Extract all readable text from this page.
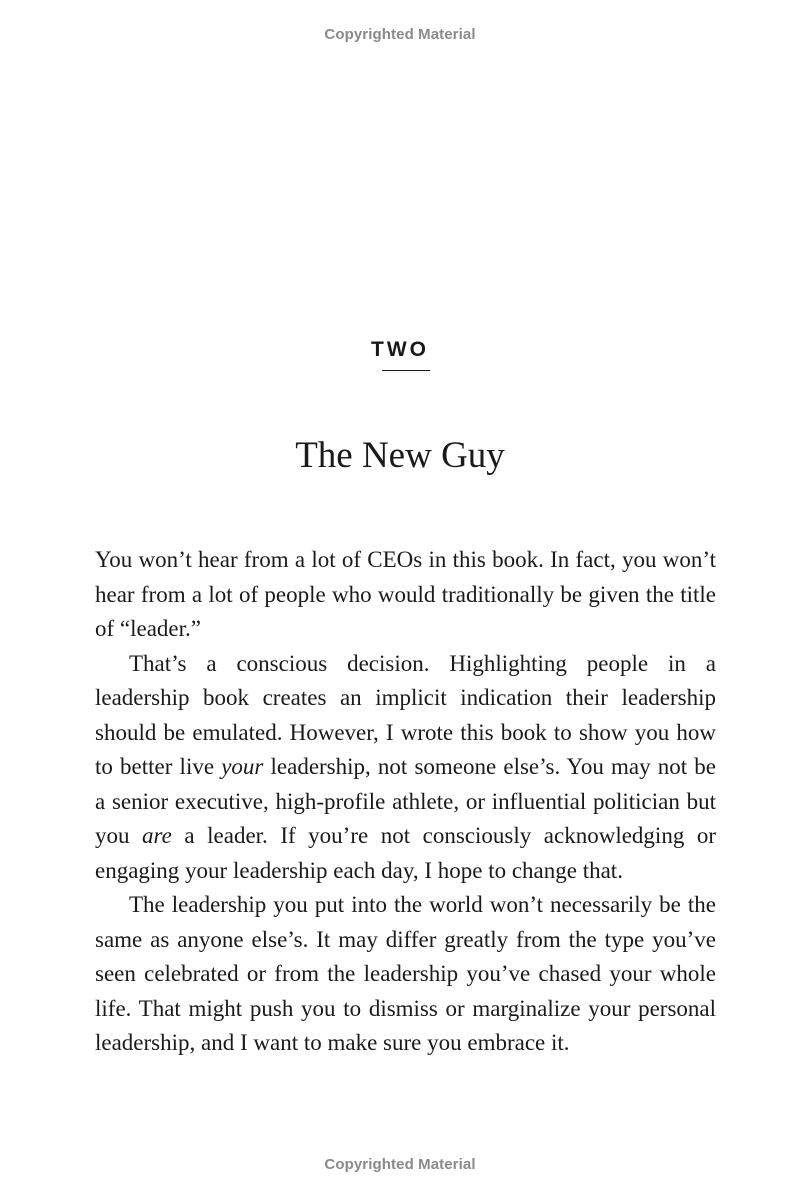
Copyrighted Material
TWO
The New Guy

You won’t hear from a lot of CEOs in this book. In fact, you won’t hear from a lot of people who would traditionally be given the title of “leader.”

That’s a conscious decision. Highlighting people in a leadership book creates an implicit indication their leadership should be emulated. However, I wrote this book to show you how to better live your leadership, not someone else’s. You may not be a senior executive, high-profile athlete, or influential politician but you are a leader. If you’re not consciously acknowledging or engaging your leadership each day, I hope to change that.

The leadership you put into the world won’t necessarily be the same as anyone else’s. It may differ greatly from the type you’ve seen celebrated or from the leadership you’ve chased your whole life. That might push you to dismiss or marginalize your personal leadership, and I want to make sure you embrace it.

Copyrighted Material
